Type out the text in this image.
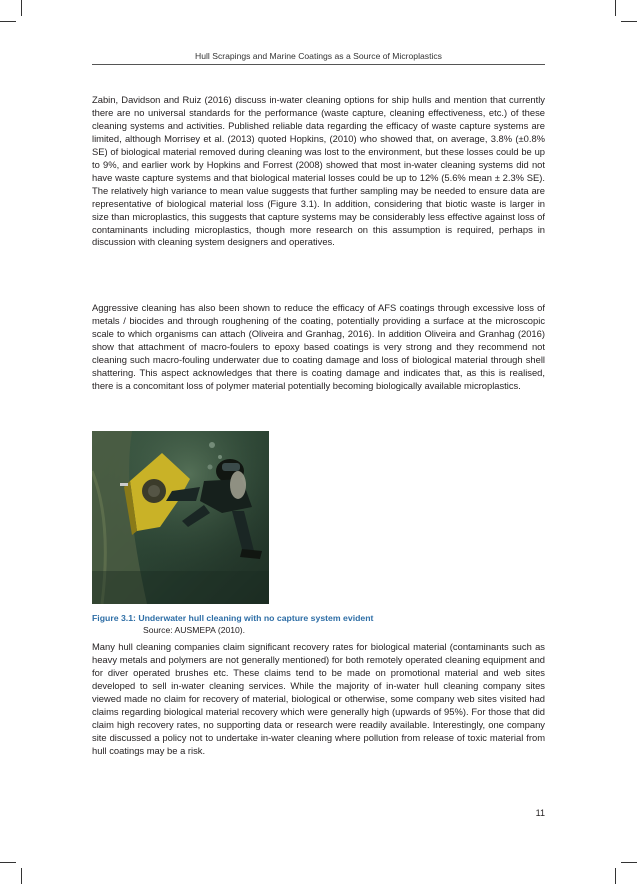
Hull Scrapings and Marine Coatings as a Source of Microplastics

Zabin, Davidson and Ruiz (2016) discuss in-water cleaning options for ship hulls and mention that currently there are no universal standards for the performance (waste capture, cleaning effectiveness, etc.) of these cleaning systems and activities. Published reliable data regarding the efficacy of waste capture systems are limited, although Morrisey et al. (2013) quoted Hopkins, (2010) who showed that, on average, 3.8% (±0.8% SE) of biological material removed during cleaning was lost to the environment, but these losses could be up to 9%, and earlier work by Hopkins and Forrest (2008) showed that most in-water cleaning systems did not have waste capture systems and that biological material losses could be up to 12% (5.6% mean ± 2.3% SE). The relatively high variance to mean value suggests that further sampling may be needed to ensure data are representative of biological material loss (Figure 3.1). In addition, considering that biotic waste is larger in size than microplastics, this suggests that capture systems may be considerably less effective against loss of contaminants including microplastics, though more research on this assumption is required, perhaps in discussion with cleaning system designers and operatives.

Aggressive cleaning has also been shown to reduce the efficacy of AFS coatings through excessive loss of metals / biocides and through roughening of the coating, potentially providing a surface at the microscopic scale to which organisms can attach (Oliveira and Granhag, 2016). In addition Oliveira and Granhag (2016) show that attachment of macro-foulers to epoxy based coatings is very strong and they recommend not cleaning such macro-fouling underwater due to coating damage and loss of biological material through shell shattering. This aspect acknowledges that there is coating damage and indicates that, as this is realised, there is a concomitant loss of polymer material potentially becoming biologically available microplastics.

Figure 3.1: Underwater hull cleaning with no capture system evident
Source: AUSMEPA (2010).

Many hull cleaning companies claim significant recovery rates for biological material (contaminants such as heavy metals and polymers are not generally mentioned) for both remotely operated cleaning equipment and for diver operated brushes etc. These claims tend to be made on promotional material and web sites developed to sell in-water cleaning services. While the majority of in-water hull cleaning company sites viewed made no claim for recovery of material, biological or otherwise, some company web sites visited had claims regarding biological material recovery which were generally high (upwards of 95%). For those that did claim high recovery rates, no supporting data or research were readily available. Interestingly, one company site discussed a policy not to undertake in-water cleaning where pollution from release of toxic material from hull coatings may be a risk.

11
